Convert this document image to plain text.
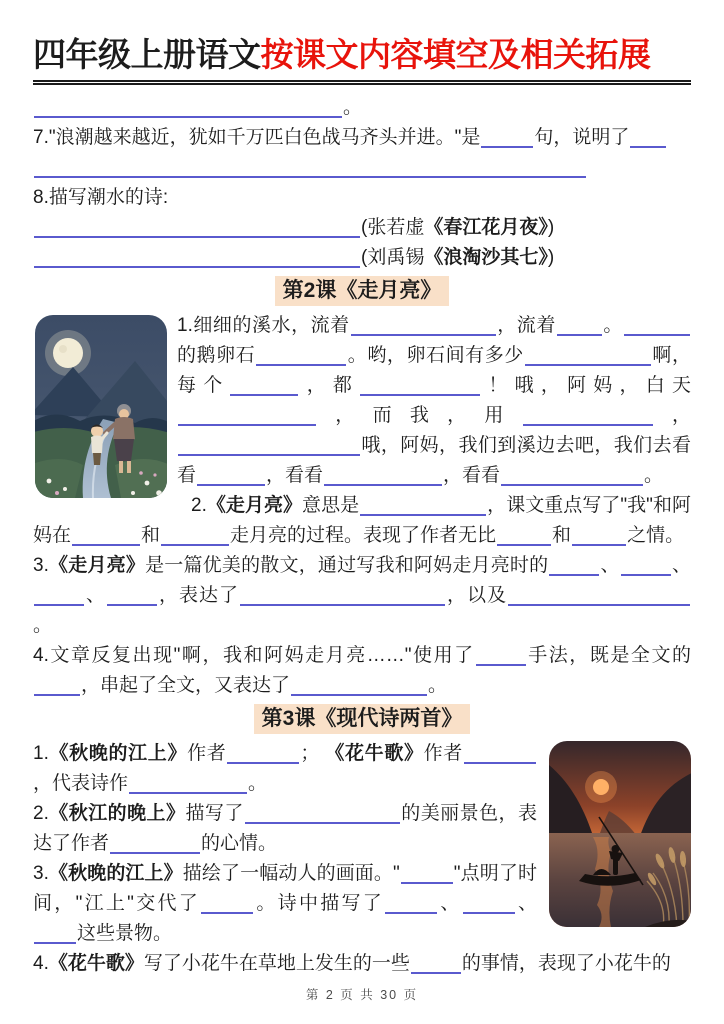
四年级上册语文按课文内容填空及相关拓展

。

7."浪潮越来越近，犹如千万匹白色战马齐头并进。"是	句，说明了

8.描写潮水的诗:

(张若虚《春江花月夜》)

(刘禹锡《浪淘沙其七》)

第2课《走月亮》

1.细细的溪水，流着	，流着 。的鹅卵石	。哟，卵石间有多少	啊，每个	，都	！哦，阿妈，白天，而我，用	，哦，阿妈，我们到溪边去吧，我们去看看	，看看	，看看	。

2.《走月亮》意思是	，课文重点写了"我"和阿妈在	和	走月亮的过程。表现了作者无比	和	之情。

3.《走月亮》是一篇优美的散文，通过写我和阿妈走月亮时的	、	、、	，表达了	，以及。

4.文章反复出现"啊，我和阿妈走月亮……"使用了	手法，既是全文的，串起了全文，又表达了	。

第3课《现代诗两首》

1.《秋晚的江上》作者	； 《花牛歌》作者，代表诗作	。

2.《秋江的晚上》描写了	的美丽景色，表达了作者	的心情。

3.《秋晚的江上》描绘了一幅动人的画面。"	"点明了时间，"江上"交代了	。诗中描写了	、	、这些景物。

4.《花牛歌》写了小花牛在草地上发生的一些	的事情，表现了小花牛的

第 2 页 共 30 页
